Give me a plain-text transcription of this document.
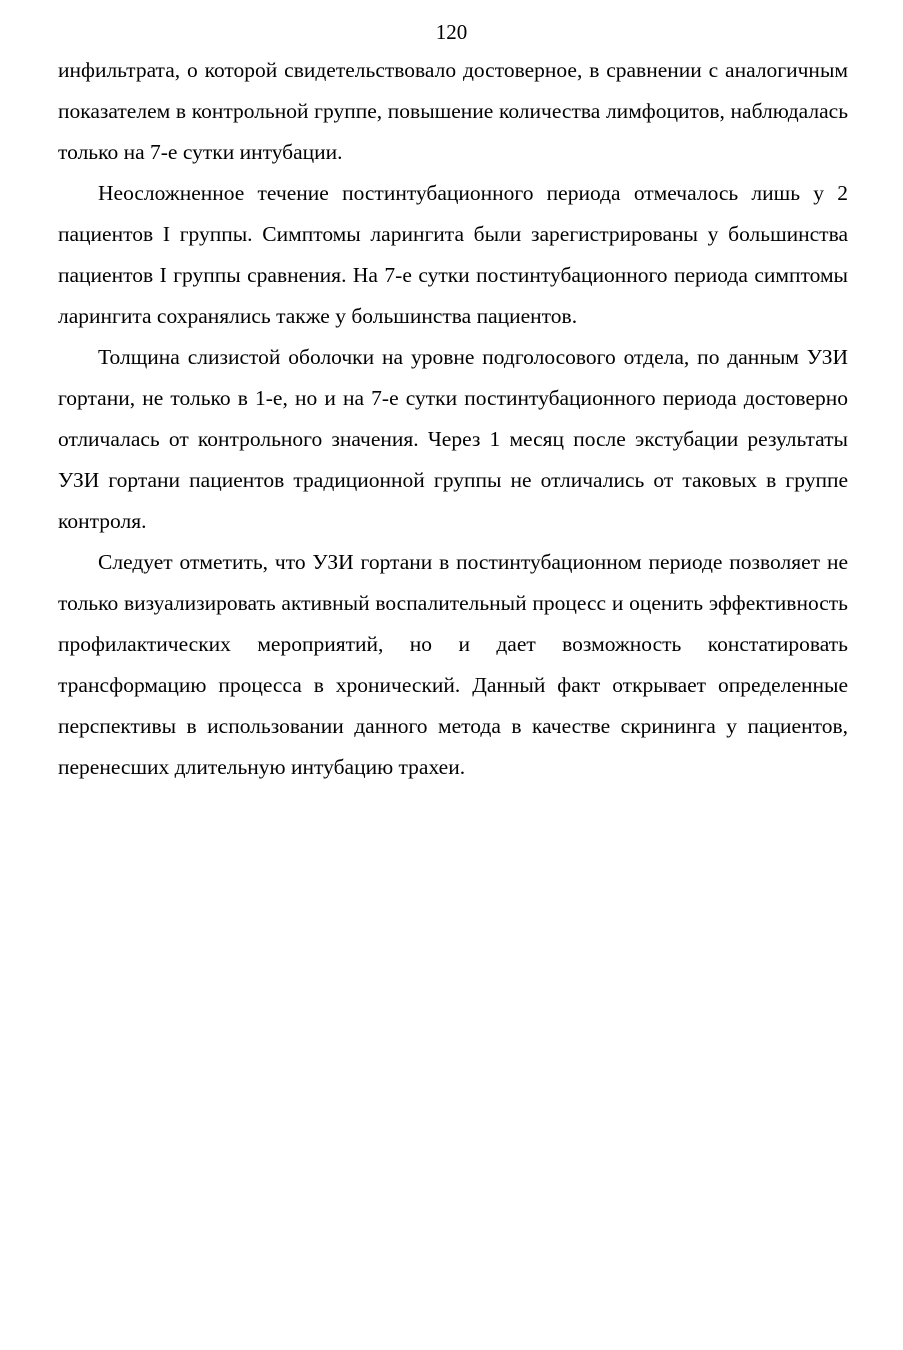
120

инфильтрата, о которой свидетельствовало достоверное, в сравнении с аналогичным показателем в контрольной группе, повышение количества лимфоцитов, наблюдалась только на 7-е сутки интубации.

Неосложненное течение постинтубационного периода отмечалось лишь у 2 пациентов I группы. Симптомы ларингита были зарегистрированы у большинства пациентов I группы сравнения. На 7-е сутки постинтубационного периода симптомы ларингита сохранялись также у большинства пациентов.

Толщина слизистой оболочки на уровне подголосового отдела, по данным УЗИ гортани, не только в 1-е, но и на 7-е сутки постинтубационного периода достоверно отличалась от контрольного значения. Через 1 месяц после экстубации результаты УЗИ гортани пациентов традиционной группы не отличались от таковых в группе контроля.

Следует отметить, что УЗИ гортани в постинтубационном периоде позволяет не только визуализировать активный воспалительный процесс и оценить эффективность профилактических мероприятий, но и дает возможность констатировать трансформацию процесса в хронический. Данный факт открывает определенные перспективы в использовании данного метода в качестве скрининга у пациентов, перенесших длительную интубацию трахеи.
